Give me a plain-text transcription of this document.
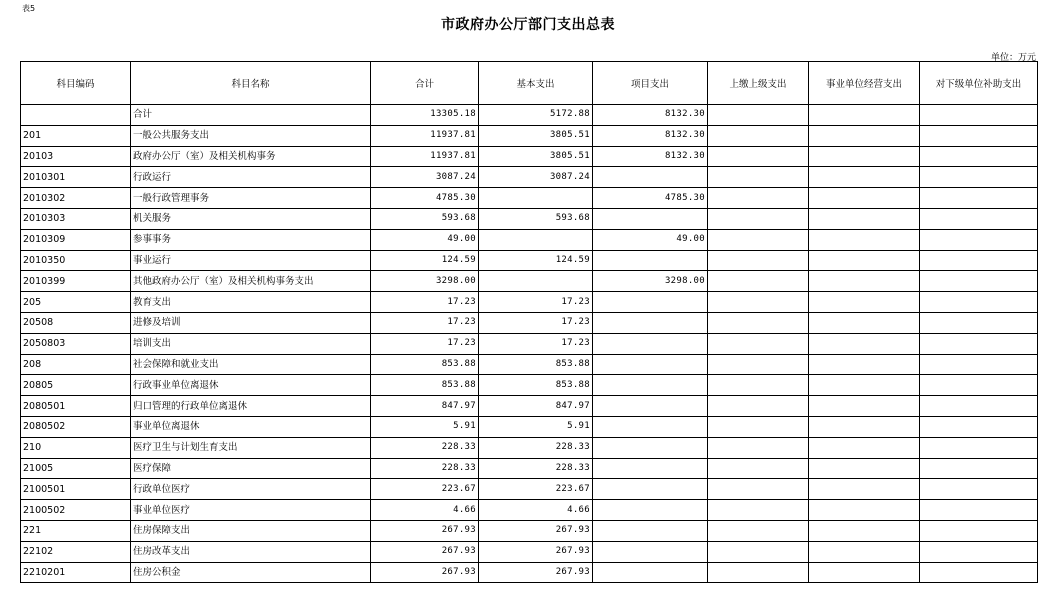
表5
市政府办公厅部门支出总表
单位：万元
科目编码	科目名称	合计	基本支出	项目支出	上缴上级支出	事业单位经营支出	对下级单位补助支出
	合计	13305.18	5172.88	8132.30			
201	一般公共服务支出	11937.81	3805.51	8132.30			
20103	政府办公厅（室）及相关机构事务	11937.81	3805.51	8132.30			
2010301	行政运行	3087.24	3087.24				
2010302	一般行政管理事务	4785.30		4785.30			
2010303	机关服务	593.68	593.68				
2010309	参事事务	49.00		49.00			
2010350	事业运行	124.59	124.59				
2010399	其他政府办公厅（室）及相关机构事务支出	3298.00		3298.00			
205	教育支出	17.23	17.23				
20508	进修及培训	17.23	17.23				
2050803	培训支出	17.23	17.23				
208	社会保障和就业支出	853.88	853.88				
20805	行政事业单位离退休	853.88	853.88				
2080501	归口管理的行政单位离退休	847.97	847.97				
2080502	事业单位离退休	5.91	5.91				
210	医疗卫生与计划生育支出	228.33	228.33				
21005	医疗保障	228.33	228.33				
2100501	行政单位医疗	223.67	223.67				
2100502	事业单位医疗	4.66	4.66				
221	住房保障支出	267.93	267.93				
22102	住房改革支出	267.93	267.93				
2210201	住房公积金	267.93	267.93				
